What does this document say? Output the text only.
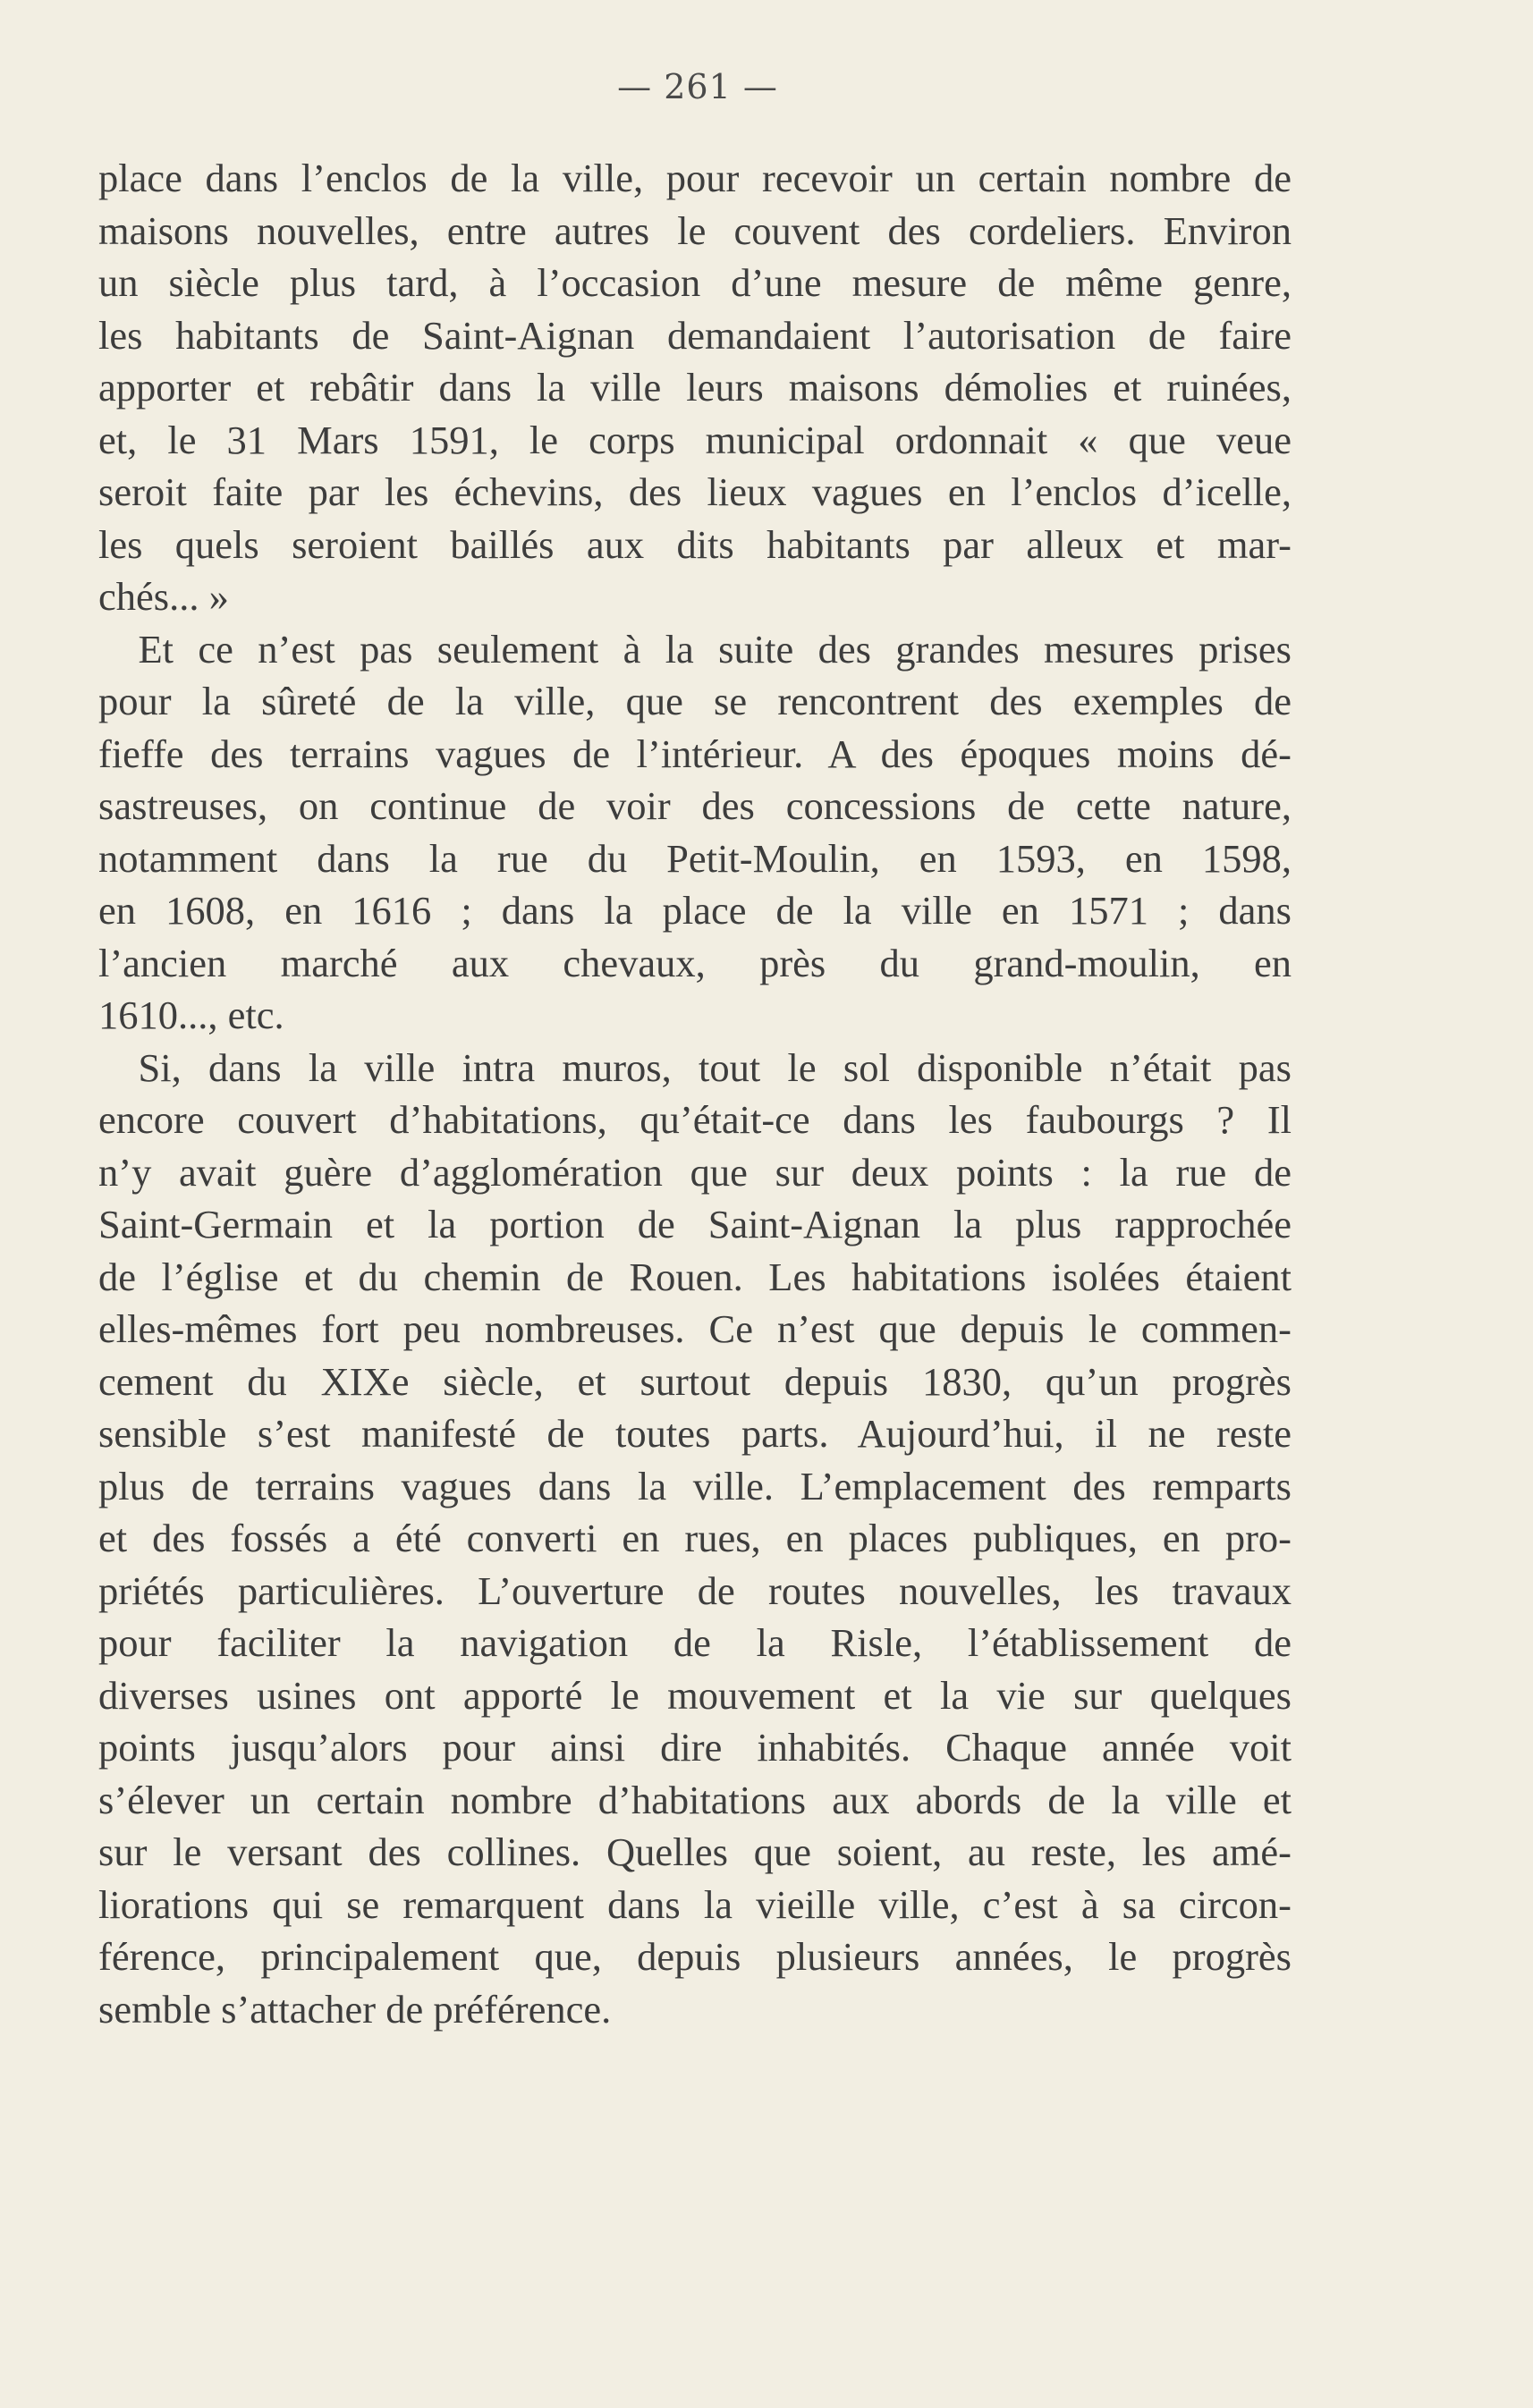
— 261 —
place dans l’enclos de la ville, pour recevoir un certain nombre de
maisons nouvelles, entre autres le couvent des cordeliers. Environ
un siècle plus tard, à l’occasion d’une mesure de même genre,
les habitants de Saint-Aignan demandaient l’autorisation de faire
apporter et rebâtir dans la ville leurs maisons démolies et ruinées,
et, le 31 Mars 1591, le corps municipal ordonnait « que veue
seroit faite par les échevins, des lieux vagues en l’enclos d’icelle,
les quels seroient baillés aux dits habitants par alleux et mar-
chés... »
 Et ce n’est pas seulement à la suite des grandes mesures prises
pour la sûreté de la ville, que se rencontrent des exemples de
fieffe des terrains vagues de l’intérieur. A des époques moins dé-
sastreuses, on continue de voir des concessions de cette nature,
notamment dans la rue du Petit-Moulin, en 1593, en 1598,
en 1608, en 1616 ; dans la place de la ville en 1571 ; dans
l’ancien marché aux chevaux, près du grand-moulin, en
1610..., etc.
 Si, dans la ville intra muros, tout le sol disponible n’était pas
encore couvert d’habitations, qu’était-ce dans les faubourgs ? Il
n’y avait guère d’agglomération que sur deux points : la rue de
Saint-Germain et la portion de Saint-Aignan la plus rapprochée
de l’église et du chemin de Rouen. Les habitations isolées étaient
elles-mêmes fort peu nombreuses. Ce n’est que depuis le commen-
cement du XIXe siècle, et surtout depuis 1830, qu’un progrès
sensible s’est manifesté de toutes parts. Aujourd’hui, il ne reste
plus de terrains vagues dans la ville. L’emplacement des remparts
et des fossés a été converti en rues, en places publiques, en pro-
priétés particulières. L’ouverture de routes nouvelles, les travaux
pour faciliter la navigation de la Risle, l’établissement de
diverses usines ont apporté le mouvement et la vie sur quelques
points jusqu’alors pour ainsi dire inhabités. Chaque année voit
s’élever un certain nombre d’habitations aux abords de la ville et
sur le versant des collines. Quelles que soient, au reste, les amé-
liorations qui se remarquent dans la vieille ville, c’est à sa circon-
férence, principalement que, depuis plusieurs années, le progrès
semble s’attacher de préférence.
